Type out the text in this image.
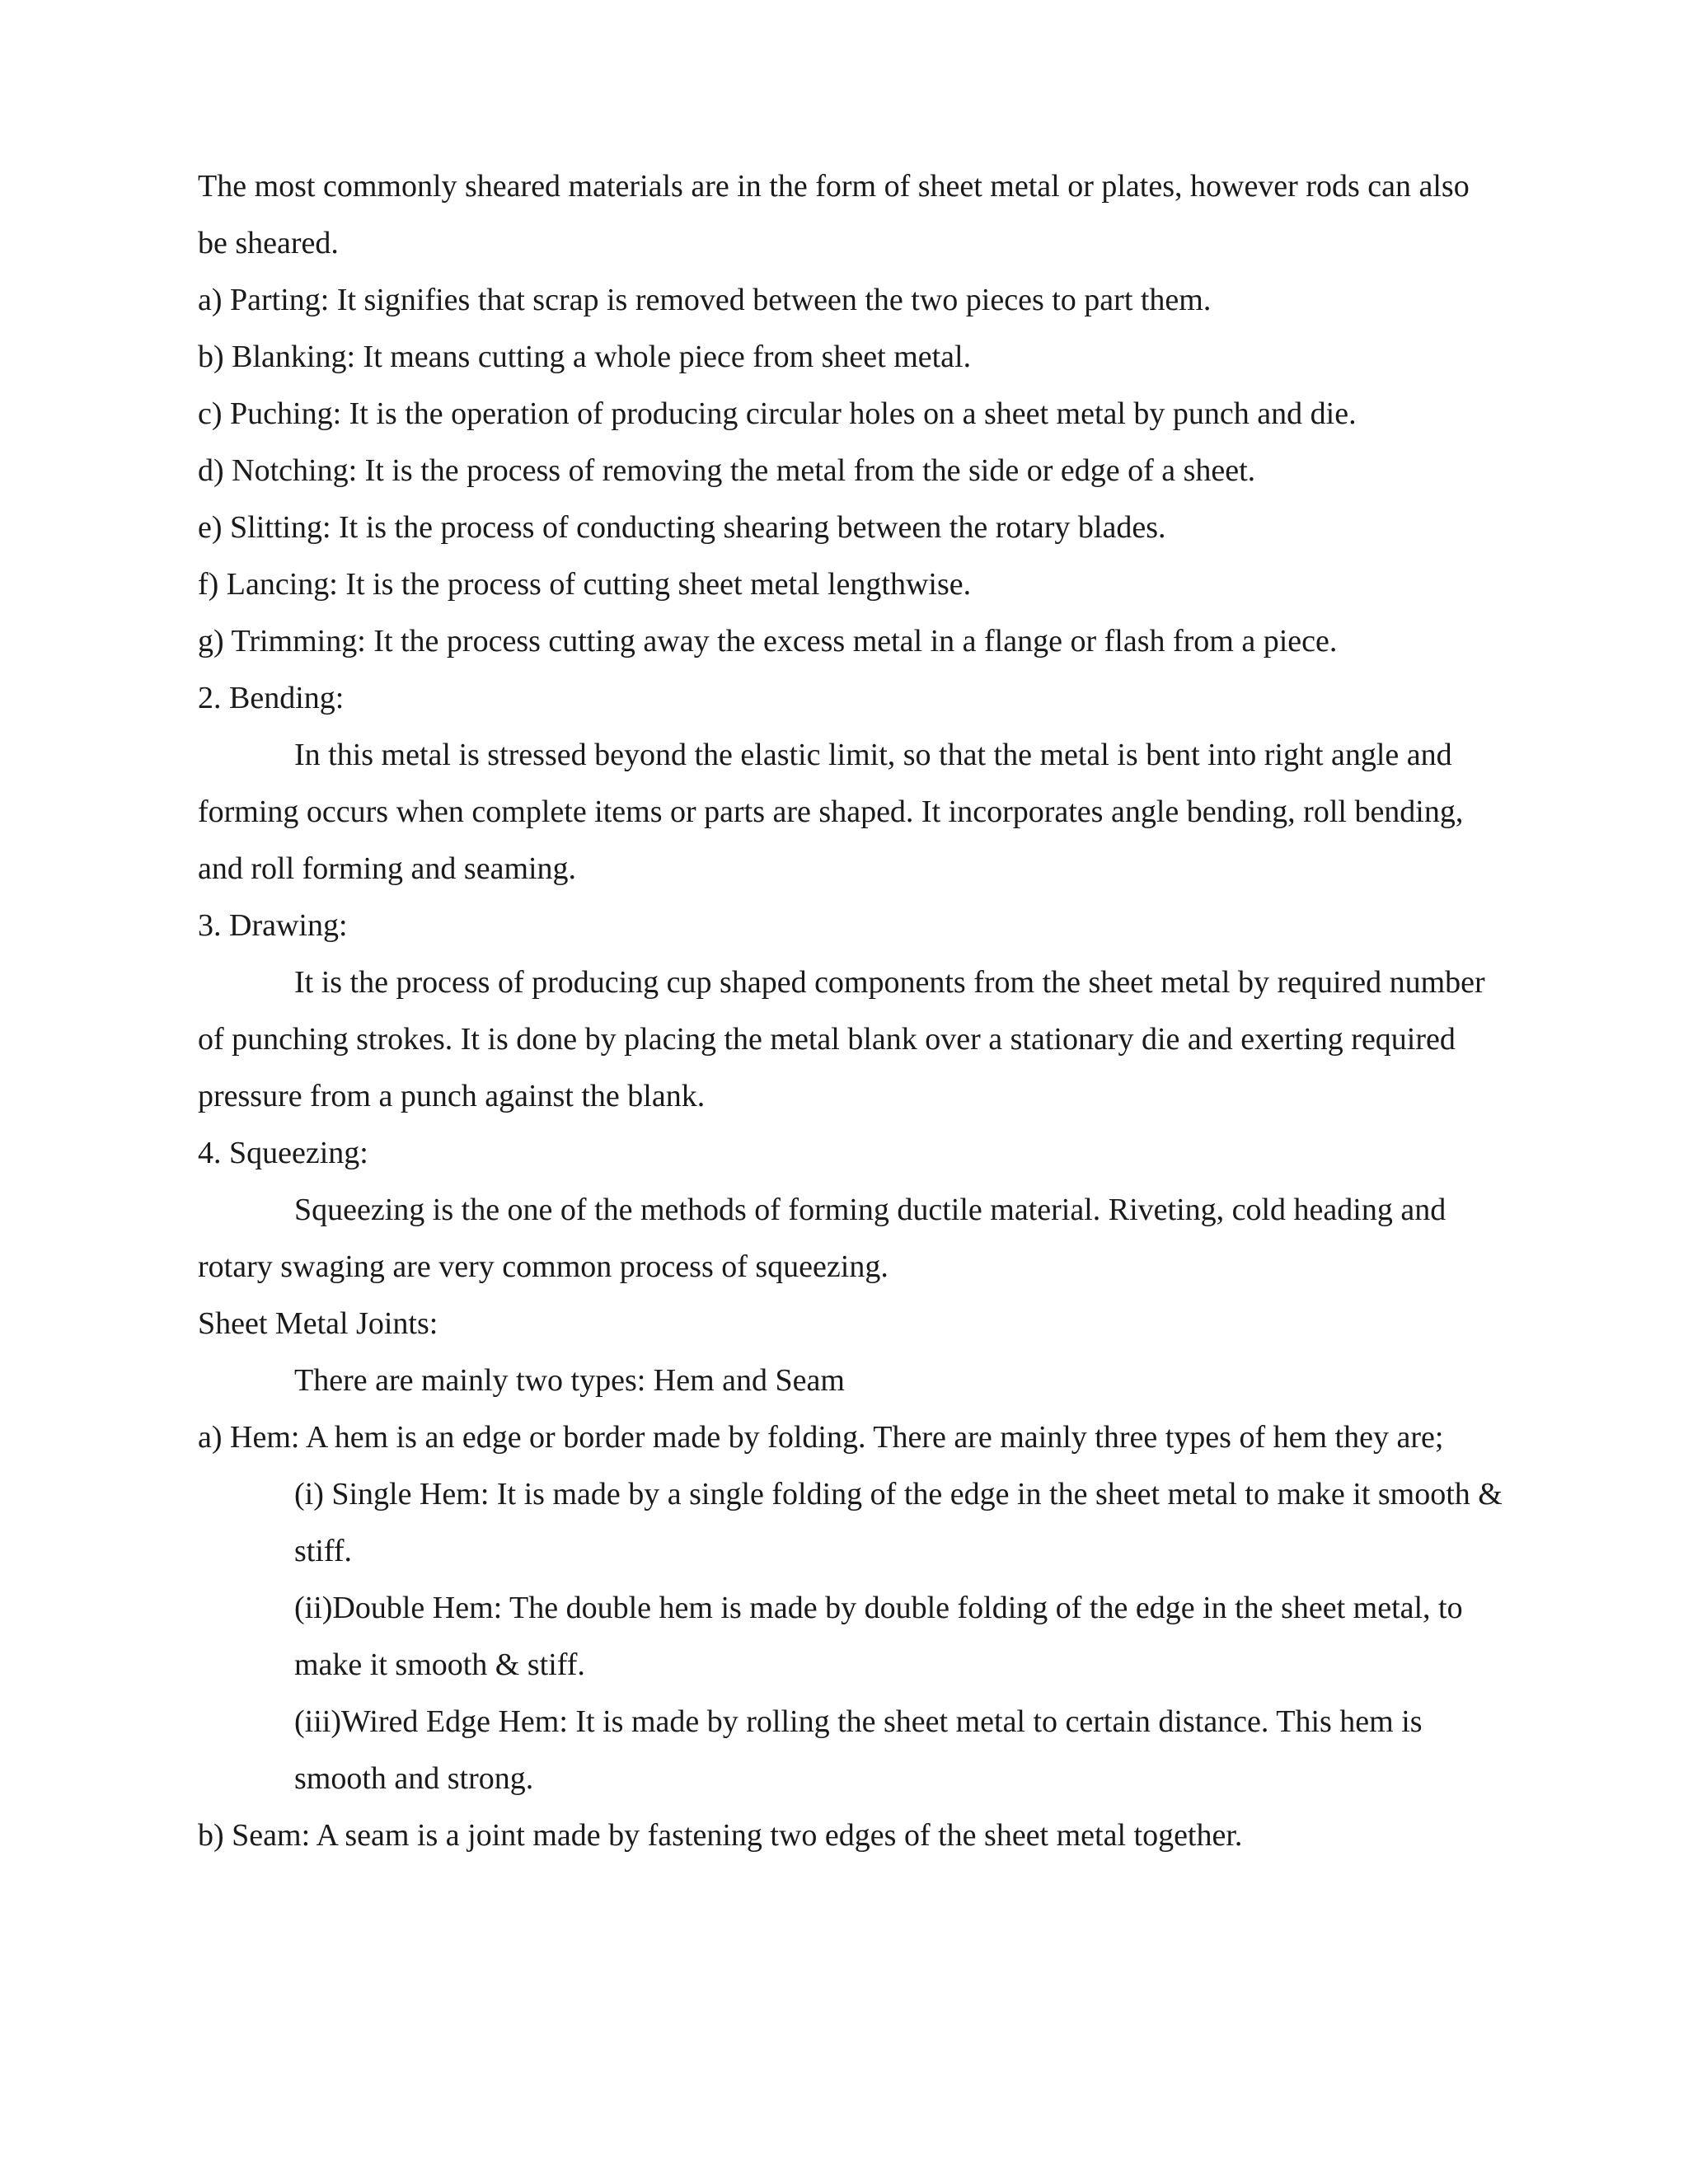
The most commonly sheared materials are in the form of sheet metal or plates, however rods can also

be sheared.

a) Parting: It signifies that scrap is removed between the two pieces to part them.

b) Blanking: It means cutting a whole piece from sheet metal.

c) Puching: It is the operation of producing circular holes on a sheet metal by punch and die.

d) Notching: It is the process of removing the metal from the side or edge of a sheet.

e) Slitting: It is the process of conducting shearing between the rotary blades.

f) Lancing: It is the process of cutting sheet metal lengthwise.

g) Trimming: It the process cutting away the excess metal in a flange or flash from a piece.

2. Bending:

In this metal is stressed beyond the elastic limit, so that the metal is bent into right angle and

forming occurs when complete items or parts are shaped. It incorporates angle bending, roll bending,

and roll forming and seaming.

3. Drawing:

It is the process of producing cup shaped components from the sheet metal by required number

of punching strokes. It is done by placing the metal blank over a stationary die and exerting required

pressure from a punch against the blank.

4. Squeezing:

Squeezing is the one of the methods of forming ductile material. Riveting, cold heading and

rotary swaging are very common process of squeezing.

Sheet Metal Joints:

There are mainly two types: Hem and Seam

a) Hem: A hem is an edge or border made by folding. There are mainly three types of hem they are;

(i) Single Hem: It is made by a single folding of the edge in the sheet metal to make it smooth &

stiff.

(ii)Double Hem: The double hem is made by double folding of the edge in the sheet metal, to

make it smooth & stiff.

(iii)Wired Edge Hem: It is made by rolling the sheet metal to certain distance. This hem is

smooth and strong.

b) Seam: A seam is a joint made by fastening two edges of the sheet metal together.
